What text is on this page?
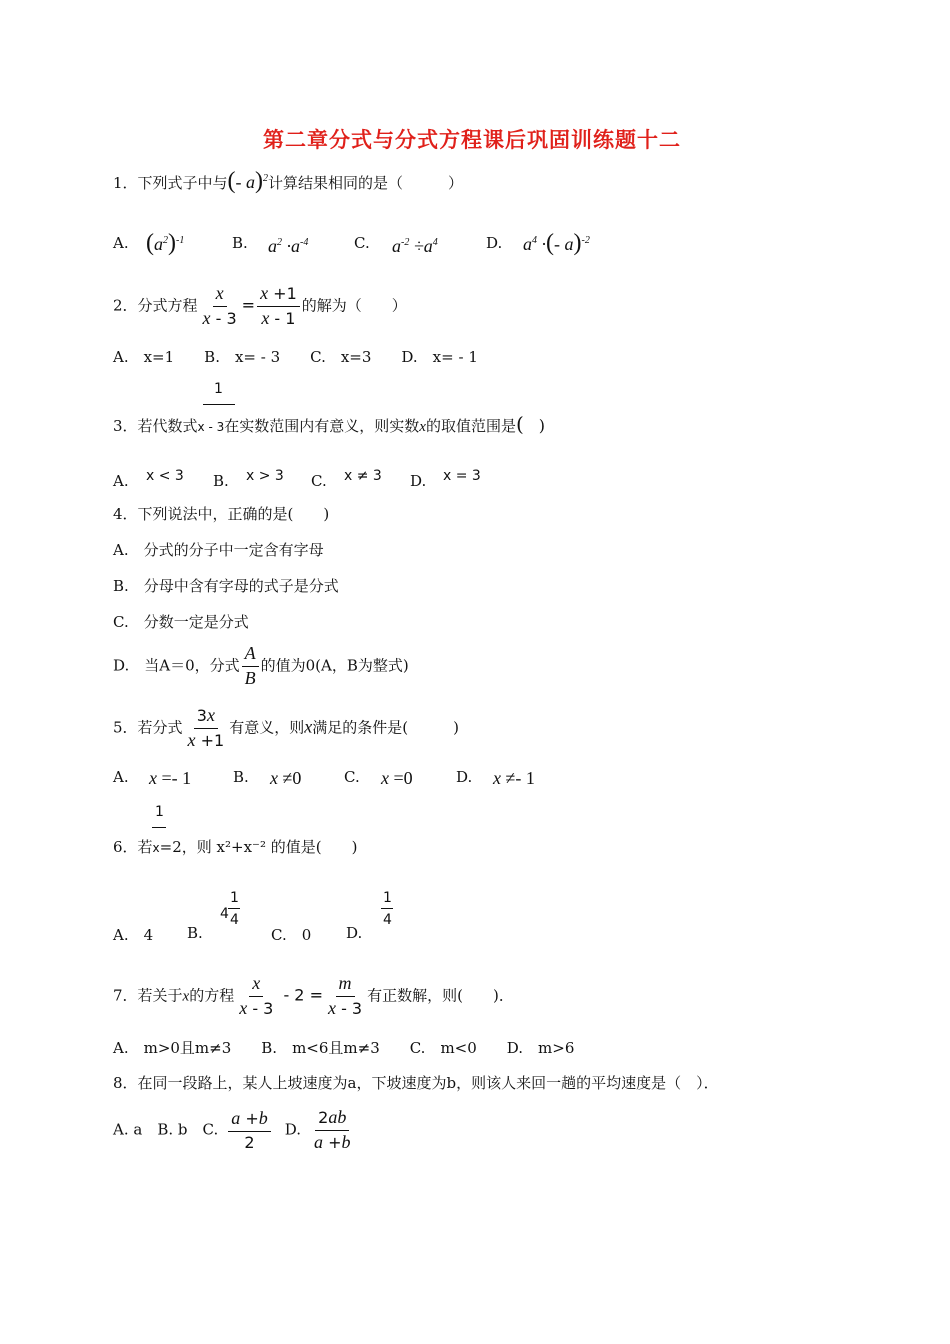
第二章分式与分式方程课后巩固训练题十二
1．下列式子中与(- a)$^2$计算结果相同的是（　　　）
A. $(a^2)^{-1}$	B. $a^2 \cdot a^{-4}$	C. $a^{-2} \div a^4$	D. $a^4$ ·(- a)$^{-2}$
2．分式方程 $\frac{x}{x - 3} = \frac{x +1}{x - 1}$ 的解为（　　）
A.　x=1　　B.　x= - 3　　C.　x=3　　D.　x= - 1
1
3．若代数式x - 3在实数范围内有意义，则实数x的取值范围是(　 )
A. x < 3 B. x > 3 C. x ≠ 3 D. x = 3
4．下列说法中，正确的是(　　)
A.　分式的分子中一定含有字母
B.　分母中含有字母的式子是分式
C.　分数一定是分式
D.　当A＝0，分式 $\frac{A}{B}$ 的值为0(A，B为整式)
5．若分式 $\frac{3x}{x +1}$ 有意义，则x满足的条件是(　　　)
A. x =- 1	B. x ≠0	C. x =0	D. x ≠- 1
1
6．若x=2，则 x²+x⁻² 的值是(　　)
A.　4 B.
4
1
4
C.　0 D.
1
4
7．若关于x的方程 $\frac{x}{x - 3} - 2 = \frac{m}{x - 3}$ 有正数解，则(　　)．
A.　m>0且m≠3　　B.　m<6且m≠3　　C.　m<0　　D.　m>6
8．在同一段路上，某人上坡速度为a，下坡速度为b，则该人来回一趟的平均速度是（　）．
A. a　 B. b　 C. $\frac{a +b}{2} D$. $\frac{2ab}{a +b}$
